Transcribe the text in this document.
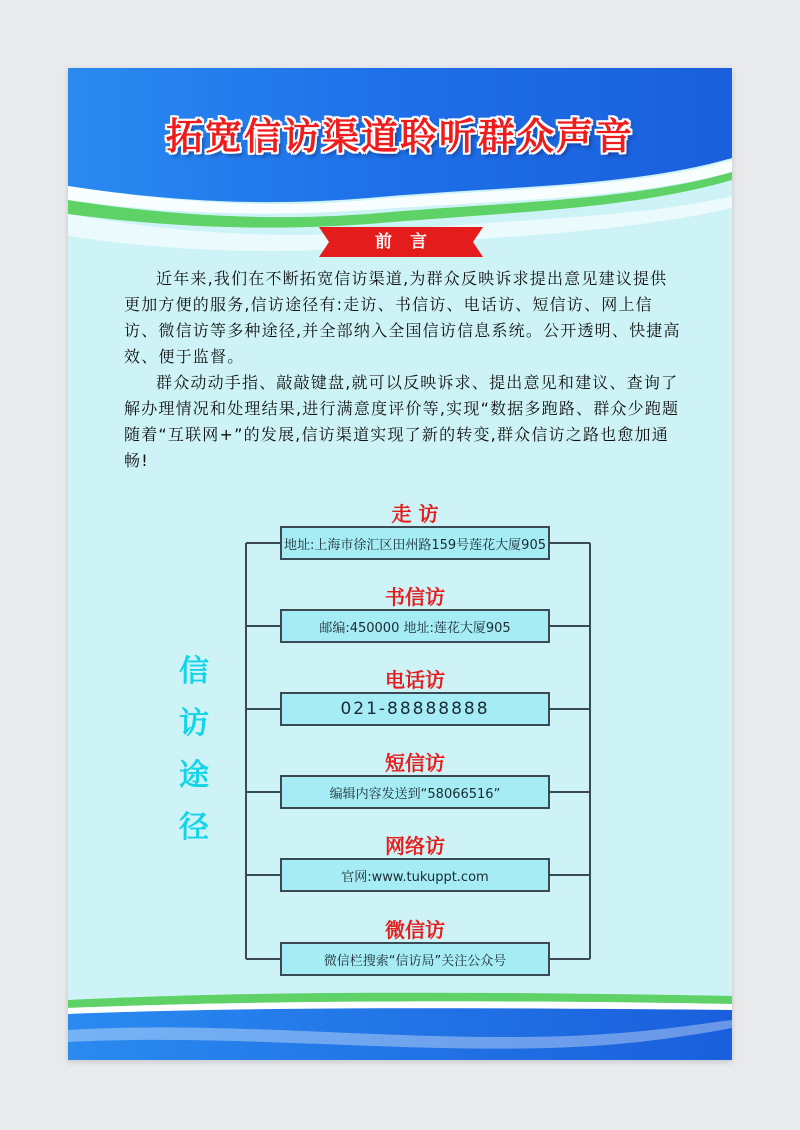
拓宽信访渠道聆听群众声音
前言

近年来,我们在不断拓宽信访渠道,为群众反映诉求提出意见建议提供更加方便的服务,信访途径有:走访、书信访、电话访、短信访、网上信访、微信访等多种途径,并全部纳入全国信访信息系统。公开透明、快捷高效、便于监督。

群众动动手指、敲敲键盘,就可以反映诉求、提出意见和建议、查询了解办理情况和处理结果,进行满意度评价等,实现“数据多跑路、群众少跑题随着“互联网+”的发展,信访渠道实现了新的转变,群众信访之路也愈加通畅!

信
访
途
径
走 访
地址:上海市徐汇区田州路159号莲花大厦905
书信访
邮编:450000 地址:莲花大厦905
电话访
021-88888888
短信访
编辑内容发送到“58066516”
网络访
官网:www.tukuppt.com
微信访
微信栏搜索“信访局”关注公众号
